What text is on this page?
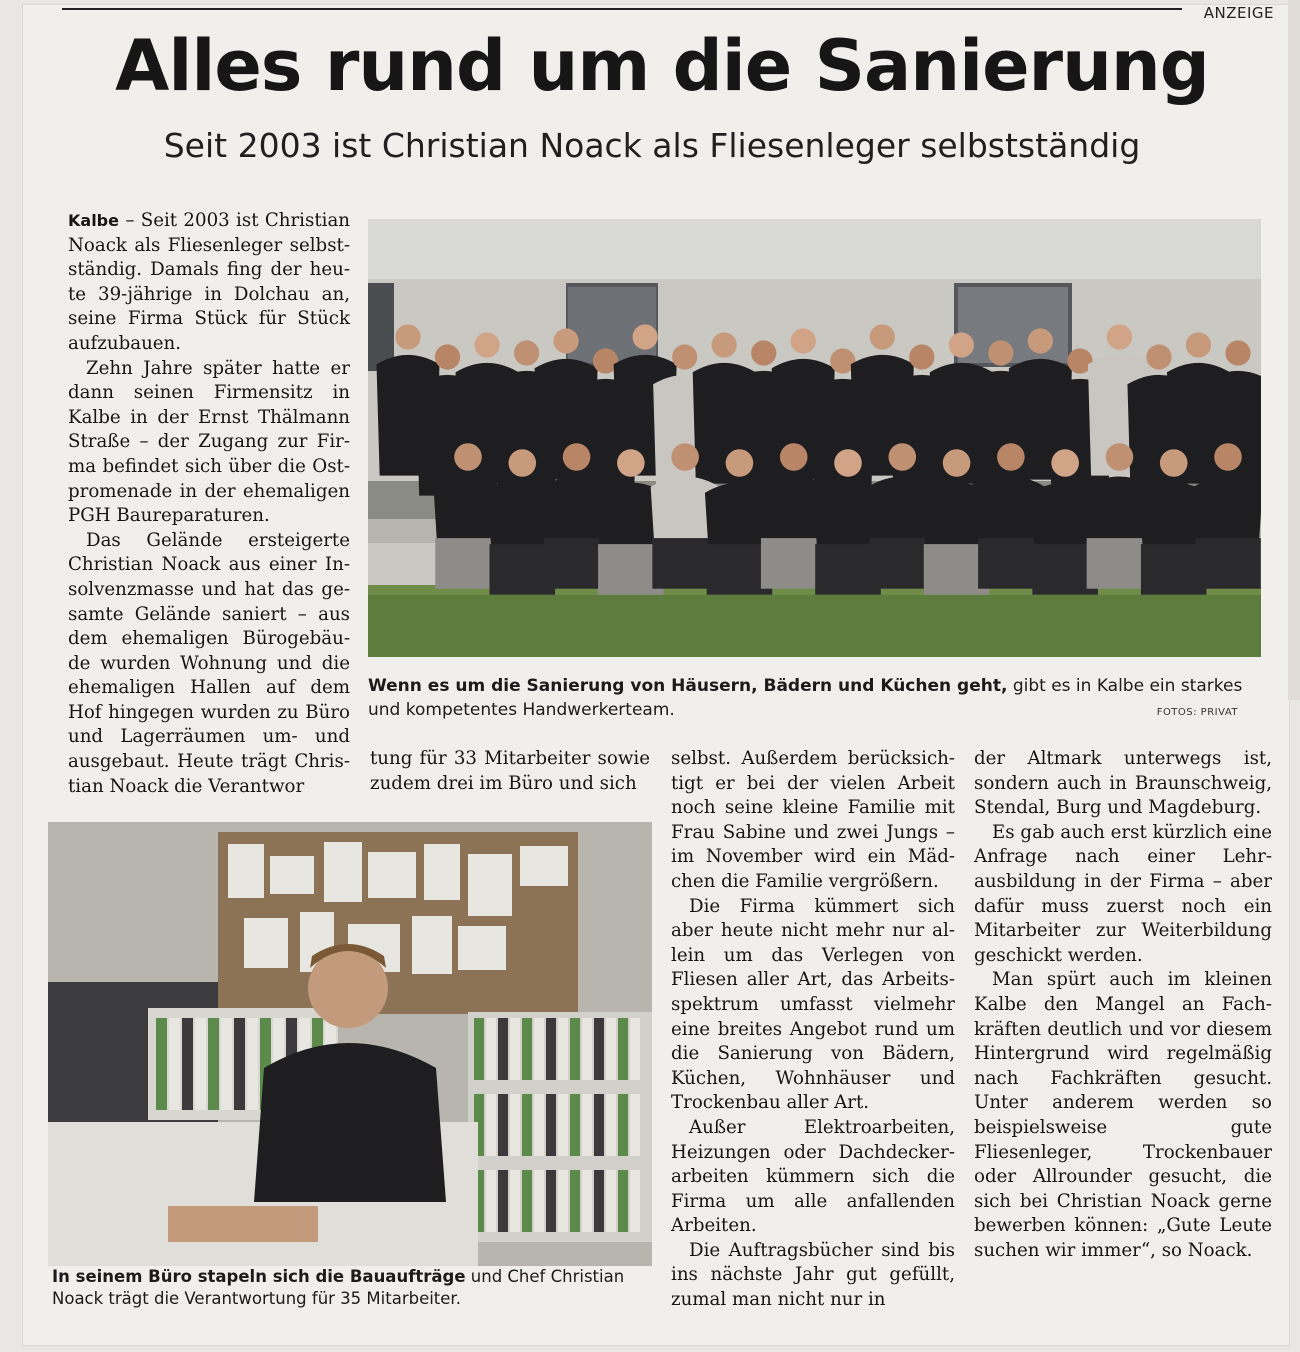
ANZEIGE
Alles rund um die Sanierung
Seit 2003 ist Christian Noack als Fliesenleger selbstständig

Kalbe – Seit 2003 ist Christian Noack als Fliesenleger selbstständig. Damals fing der heute 39-jährige in Dolchau an, seine Firma Stück für Stück aufzubauen.

Zehn Jahre später hatte er dann seinen Firmensitz in Kalbe in der Ernst Thälmann Straße – der Zugang zur Firma befindet sich über die Ostpromenade in der ehemaligen PGH Baureparaturen.

Das Gelände ersteigerte Christian Noack aus einer Insolvenzmasse und hat das gesamte Gelände saniert – aus dem ehemaligen Bürogebäude wurden Wohnung und die ehemaligen Hallen auf dem Hof hingegen wurden zu Büro und Lagerräumen um- und ausgebaut. Heute trägt Christian Noack die Verantwor

Wenn es um die Sanierung von Häusern, Bädern und Küchen geht, gibt es in Kalbe ein starkes und kompetentes Handwerkerteam.	FOTOS: PRIVAT

tung für 33 Mitarbeiter sowie zudem drei im Büro und sich

In seinem Büro stapeln sich die Bauaufträge und Chef Christian Noack trägt die Verantwortung für 35 Mitarbeiter.

selbst. Außerdem berücksichtigt er bei der vielen Arbeit noch seine kleine Familie mit Frau Sabine und zwei Jungs – im November wird ein Mädchen die Familie vergrößern.

Die Firma kümmert sich aber heute nicht mehr nur allein um das Verlegen von Fliesen aller Art, das Arbeitsspektrum umfasst vielmehr eine breites Angebot rund um die Sanierung von Bädern, Küchen, Wohnhäuser und Trockenbau aller Art.

Außer Elektroarbeiten, Heizungen oder Dachdeckerarbeiten kümmern sich die Firma um alle anfallenden Arbeiten.

Die Auftragsbücher sind bis ins nächste Jahr gut gefüllt, zumal man nicht nur in

der Altmark unterwegs ist, sondern auch in Braunschweig, Stendal, Burg und Magdeburg.

Es gab auch erst kürzlich eine Anfrage nach einer Lehrausbildung in der Firma – aber dafür muss zuerst noch ein Mitarbeiter zur Weiterbildung geschickt werden.

Man spürt auch im kleinen Kalbe den Mangel an Fachkräften deutlich und vor diesem Hintergrund wird regelmäßig nach Fachkräften gesucht. Unter anderem werden so beispielsweise gute Fliesenleger, Trockenbauer oder Allrounder gesucht, die sich bei Christian Noack gerne bewerben können: „Gute Leute suchen wir immer“, so Noack.
